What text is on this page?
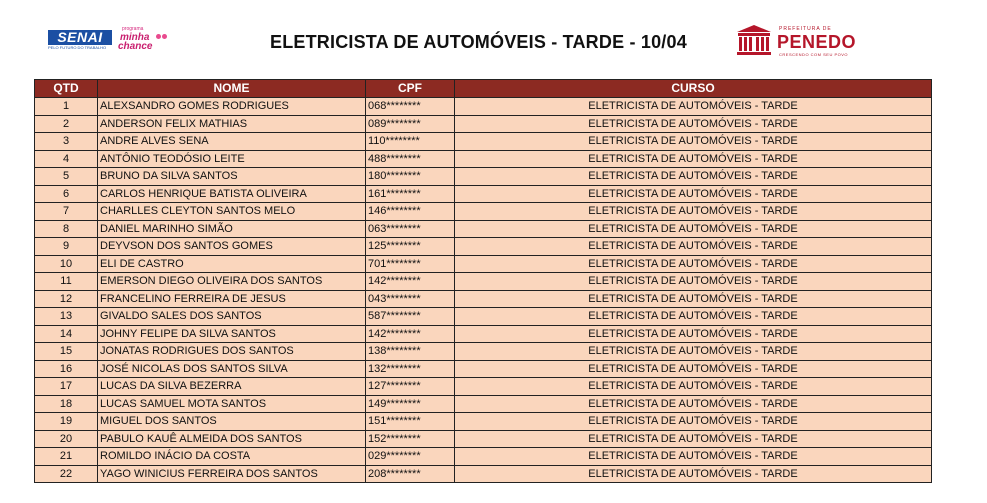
SENAI
PELO FUTURO DO TRABALHO
programa
minha
chance	ELETRICISTA DE AUTOMÓVEIS - TARDE - 10/04
PREFEITURA DE
PENEDO
CRESCENDO COM SEU POVO
QTD	NOME	CPF	CURSO
1	ALEXSANDRO GOMES RODRIGUES	068********	ELETRICISTA DE AUTOMÓVEIS - TARDE
2	ANDERSON FELIX MATHIAS	089********	ELETRICISTA DE AUTOMÓVEIS - TARDE
3	ANDRE ALVES SENA	110********	ELETRICISTA DE AUTOMÓVEIS - TARDE
4	ANTÔNIO TEODÓSIO LEITE	488********	ELETRICISTA DE AUTOMÓVEIS - TARDE
5	BRUNO DA SILVA SANTOS	180********	ELETRICISTA DE AUTOMÓVEIS - TARDE
6	CARLOS HENRIQUE BATISTA OLIVEIRA	161********	ELETRICISTA DE AUTOMÓVEIS - TARDE
7	CHARLLES CLEYTON SANTOS MELO	146********	ELETRICISTA DE AUTOMÓVEIS - TARDE
8	DANIEL MARINHO SIMÃO	063********	ELETRICISTA DE AUTOMÓVEIS - TARDE
9	DEYVSON DOS SANTOS GOMES	125********	ELETRICISTA DE AUTOMÓVEIS - TARDE
10	ELI DE CASTRO	701********	ELETRICISTA DE AUTOMÓVEIS - TARDE
11	EMERSON DIEGO OLIVEIRA DOS SANTOS	142********	ELETRICISTA DE AUTOMÓVEIS - TARDE
12	FRANCELINO FERREIRA DE JESUS	043********	ELETRICISTA DE AUTOMÓVEIS - TARDE
13	GIVALDO SALES DOS SANTOS	587********	ELETRICISTA DE AUTOMÓVEIS - TARDE
14	JOHNY FELIPE DA SILVA SANTOS	142********	ELETRICISTA DE AUTOMÓVEIS - TARDE
15	JONATAS RODRIGUES DOS SANTOS	138********	ELETRICISTA DE AUTOMÓVEIS - TARDE
16	JOSÉ NICOLAS DOS SANTOS SILVA	132********	ELETRICISTA DE AUTOMÓVEIS - TARDE
17	LUCAS DA SILVA BEZERRA	127********	ELETRICISTA DE AUTOMÓVEIS - TARDE
18	LUCAS SAMUEL MOTA SANTOS	149********	ELETRICISTA DE AUTOMÓVEIS - TARDE
19	MIGUEL DOS SANTOS	151********	ELETRICISTA DE AUTOMÓVEIS - TARDE
20	PABULO KAUÊ ALMEIDA DOS SANTOS	152********	ELETRICISTA DE AUTOMÓVEIS - TARDE
21	ROMILDO INÁCIO DA COSTA	029********	ELETRICISTA DE AUTOMÓVEIS - TARDE
22	YAGO WINICIUS FERREIRA DOS SANTOS	208********	ELETRICISTA DE AUTOMÓVEIS - TARDE
